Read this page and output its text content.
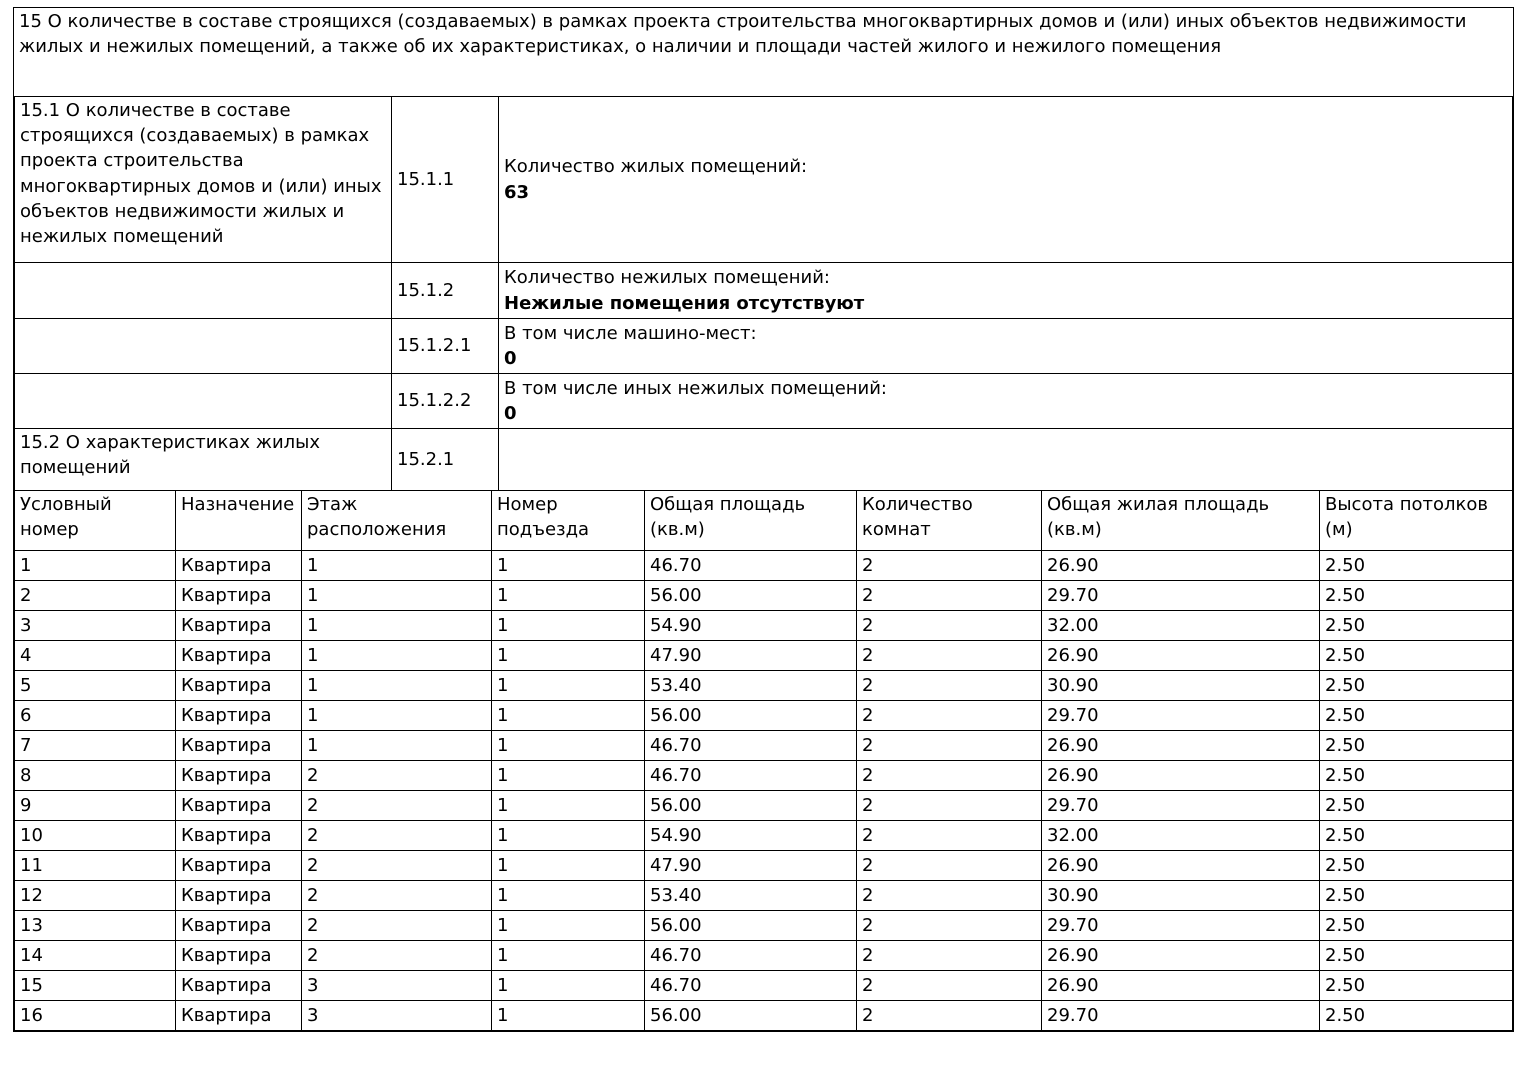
15 О количестве в составе строящихся (создаваемых) в рамках проекта строительства многоквартирных домов и (или) иных объектов недвижимости жилых и нежилых помещений, а также об их характеристиках, о наличии и площади частей жилого и нежилого помещения
15.1 О количестве в составе строящихся (создаваемых) в рамках проекта строительства многоквартирных домов и (или) иных объектов недвижимости жилых и нежилых помещений	15.1.1	Количество жилых помещений:
63

	15.1.2	Количество нежилых помещений:
Нежилые помещения отсутствуют

	15.1.2.1	В том числе машино-мест:
0

	15.1.2.2	В том числе иных нежилых помещений:
0

15.2 О характеристиках жилых помещений	15.2.1	
Условный номер	Назначение	Этаж расположения	Номер подъезда	Общая площадь (кв.м)	Количество комнат	Общая жилая площадь (кв.м)	Высота потолков (м)
1	Квартира	1	1	46.70	2	26.90	2.50
2	Квартира	1	1	56.00	2	29.70	2.50
3	Квартира	1	1	54.90	2	32.00	2.50
4	Квартира	1	1	47.90	2	26.90	2.50
5	Квартира	1	1	53.40	2	30.90	2.50
6	Квартира	1	1	56.00	2	29.70	2.50
7	Квартира	1	1	46.70	2	26.90	2.50
8	Квартира	2	1	46.70	2	26.90	2.50
9	Квартира	2	1	56.00	2	29.70	2.50
10	Квартира	2	1	54.90	2	32.00	2.50
11	Квартира	2	1	47.90	2	26.90	2.50
12	Квартира	2	1	53.40	2	30.90	2.50
13	Квартира	2	1	56.00	2	29.70	2.50
14	Квартира	2	1	46.70	2	26.90	2.50
15	Квартира	3	1	46.70	2	26.90	2.50
16	Квартира	3	1	56.00	2	29.70	2.50
